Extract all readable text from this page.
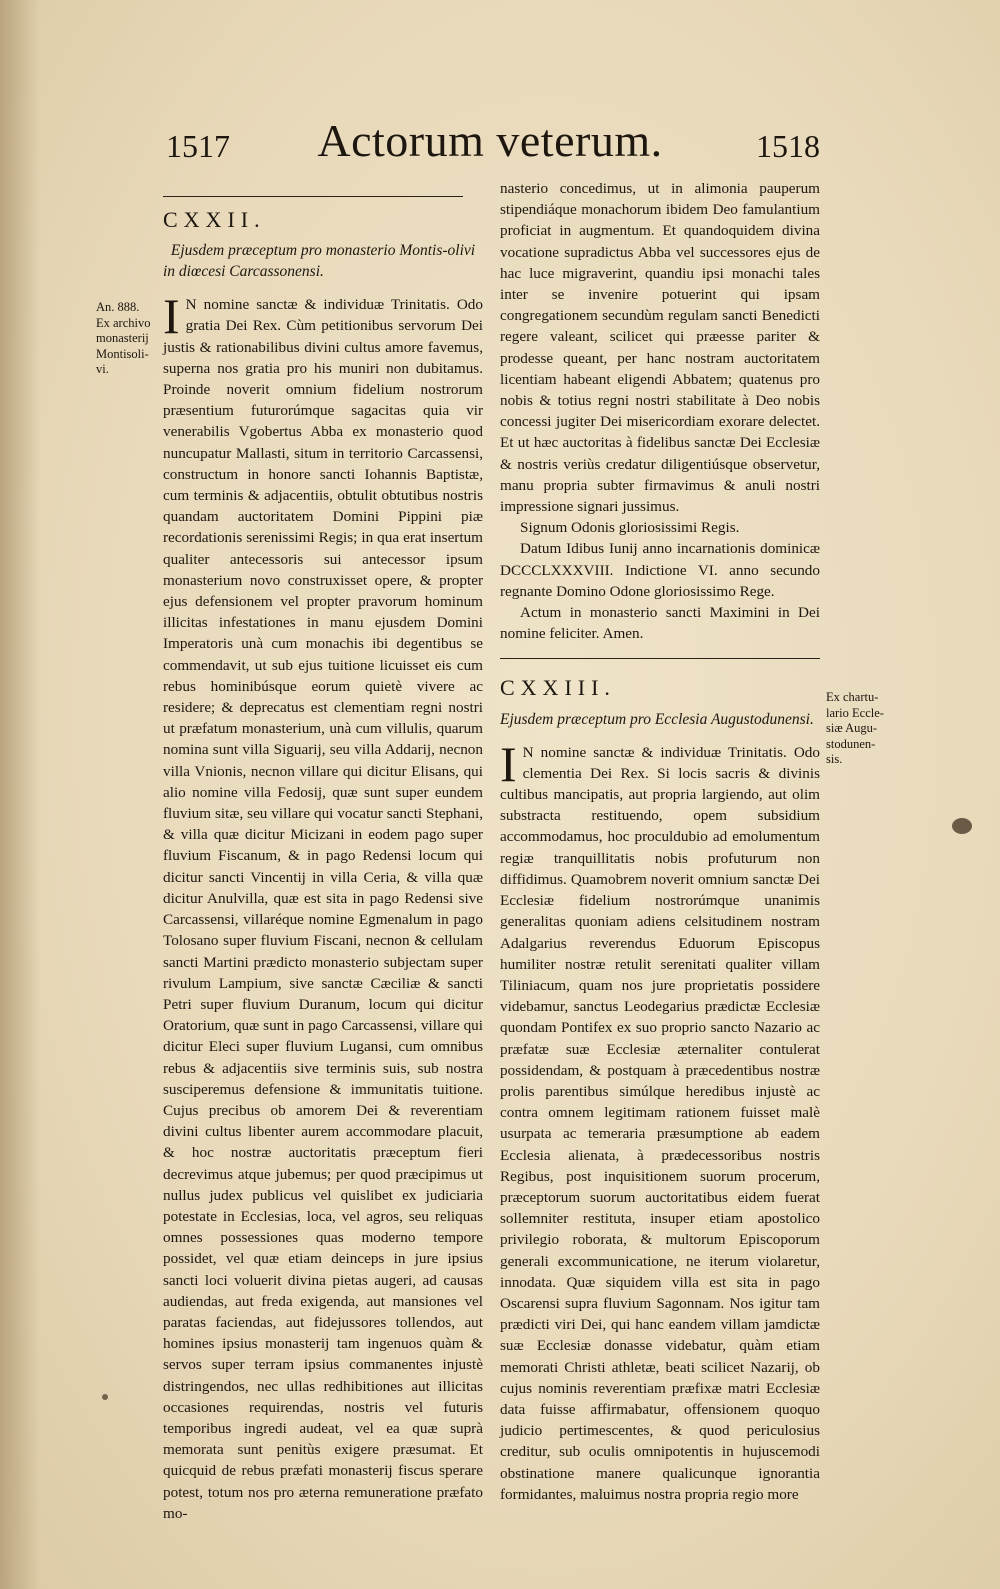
1517	Actorum veterum.	1518
An. 888.
Ex archivo
monasterij
Montisoli-
vi.
CXXII.
Ejusdem præceptum pro monasterio Montis-olivi in diœcesi Carcassonensi.

I N nomine sanctæ & individuæ Trinitatis. Odo gratia Dei Rex. Cùm petitionibus servorum Dei justis & rationabilibus divini cultus amore favemus, superna nos gratia pro his muniri non dubitamus. Proinde noverit omnium fidelium nostrorum præsentium futurorúmque sagacitas quia vir venerabilis Vgobertus Abba ex monasterio quod nuncupatur Mallasti, situm in territorio Carcassensi, constructum in honore sancti Iohannis Baptistæ, cum terminis & adjacentiis, obtulit obtutibus nostris quandam auctoritatem Domini Pippini piæ recordationis serenissimi Regis; in qua erat insertum qualiter antecessoris sui antecessor ipsum monasterium novo construxisset opere, & propter ejus defensionem vel propter pravorum hominum illicitas infestationes in manu ejusdem Domini Imperatoris unà cum monachis ibi degentibus se commendavit, ut sub ejus tuitione licuisset eis cum rebus hominibúsque eorum quietè vivere ac residere; & deprecatus est clementiam regni nostri ut præfatum monasterium, unà cum villulis, quarum nomina sunt villa Siguarij, seu villa Addarij, necnon villa Vnionis, necnon villare qui dicitur Elisans, qui alio nomine villa Fedosij, quæ sunt super eundem fluvium sitæ, seu villare qui vocatur sancti Stephani, & villa quæ dicitur Micizani in eodem pago super fluvium Fiscanum, & in pago Redensi locum qui dicitur sancti Vincentij in villa Ceria, & villa quæ dicitur Anulvilla, quæ est sita in pago Redensi sive Carcassensi, villaréque nomine Egmenalum in pago Tolosano super fluvium Fiscani, necnon & cellulam sancti Martini prædicto monasterio subjectam super rivulum Lampium, sive sanctæ Cæciliæ & sancti Petri super fluvium Duranum, locum qui dicitur Oratorium, quæ sunt in pago Carcassensi, villare qui dicitur Eleci super fluvium Lugansi, cum omnibus rebus & adjacentiis sive terminis suis, sub nostra susciperemus defensione & immunitatis tuitione. Cujus precibus ob amorem Dei & reverentiam divini cultus libenter aurem accommodare placuit, & hoc nostræ auctoritatis præceptum fieri decrevimus atque jubemus; per quod præcipimus ut nullus judex publicus vel quislibet ex judiciaria potestate in Ecclesias, loca, vel agros, seu reliquas omnes possessiones quas moderno tempore possidet, vel quæ etiam deinceps in jure ipsius sancti loci voluerit divina pietas augeri, ad causas audiendas, aut freda exigenda, aut mansiones vel paratas faciendas, aut fidejussores tollendos, aut homines ipsius monasterij tam ingenuos quàm & servos super terram ipsius commanentes injustè distringendos, nec ullas redhibitiones aut illicitas occasiones requirendas, nostris vel futuris temporibus ingredi audeat, vel ea quæ suprà memorata sunt penitùs exigere præsumat. Et quicquid de rebus præfati monasterij fiscus sperare potest, totum nos pro æterna remuneratione præfato mo-

nasterio concedimus, ut in alimonia pauperum stipendiáque monachorum ibidem Deo famulantium proficiat in augmentum. Et quandoquidem divina vocatione supradictus Abba vel successores ejus de hac luce migraverint, quandiu ipsi monachi tales inter se invenire potuerint qui ipsam congregationem secundùm regulam sancti Benedicti regere valeant, scilicet qui præesse pariter & prodesse queant, per hanc nostram auctoritatem licentiam habeant eligendi Abbatem; quatenus pro nobis & totius regni nostri stabilitate à Deo nobis concessi jugiter Dei misericordiam exorare delectet. Et ut hæc auctoritas à fidelibus sanctæ Dei Ecclesiæ & nostris veriùs credatur diligentiúsque observetur, manu propria subter firmavimus & anuli nostri impressione signari jussimus.

Signum Odonis gloriosissimi Regis.

Datum Idibus Iunij anno incarnationis dominicæ DCCCLXXXVIII. Indictione VI. anno secundo regnante Domino Odone gloriosissimo Rege.

Actum in monasterio sancti Maximini in Dei nomine feliciter. Amen.

CXXIII.
Ejusdem præceptum pro Ecclesia Augustodunensi.

I N nomine sanctæ & individuæ Trinitatis. Odo clementia Dei Rex. Si locis sacris & divinis cultibus mancipatis, aut propria largiendo, aut olim substracta restituendo, opem subsidium accommodamus, hoc proculdubio ad emolumentum regiæ tranquillitatis nobis profuturum non diffidimus. Quamobrem noverit omnium sanctæ Dei Ecclesiæ fidelium nostrorúmque unanimis generalitas quoniam adiens celsitudinem nostram Adalgarius reverendus Eduorum Episcopus humiliter nostræ retulit serenitati qualiter villam Tiliniacum, quam nos jure proprietatis possidere videbamur, sanctus Leodegarius prædictæ Ecclesiæ quondam Pontifex ex suo proprio sancto Nazario ac præfatæ suæ Ecclesiæ æternaliter contulerat possidendam, & postquam à præcedentibus nostræ prolis parentibus simúlque heredibus injustè ac contra omnem legitimam rationem fuisset malè usurpata ac temeraria præsumptione ab eadem Ecclesia alienata, à prædecessoribus nostris Regibus, post inquisitionem suorum procerum, præceptorum suorum auctoritatibus eidem fuerat sollemniter restituta, insuper etiam apostolico privilegio roborata, & multorum Episcoporum generali excommunicatione, ne iterum violaretur, innodata. Quæ siquidem villa est sita in pago Oscarensi supra fluvium Sagonnam. Nos igitur tam prædicti viri Dei, qui hanc eandem villam jamdictæ suæ Ecclesiæ donasse videbatur, quàm etiam memorati Christi athletæ, beati scilicet Nazarij, ob cujus nominis reverentiam præfixæ matri Ecclesiæ data fuisse affirmabatur, offensionem quoquo judicio pertimescentes, & quod periculosius creditur, sub oculis omnipotentis in hujuscemodi obstinatione manere qualicunque ignorantia formidantes, maluimus nostra propria regio more

Ex chartu-
lario Eccle-
siæ Augu-
stodunen-
sis.
